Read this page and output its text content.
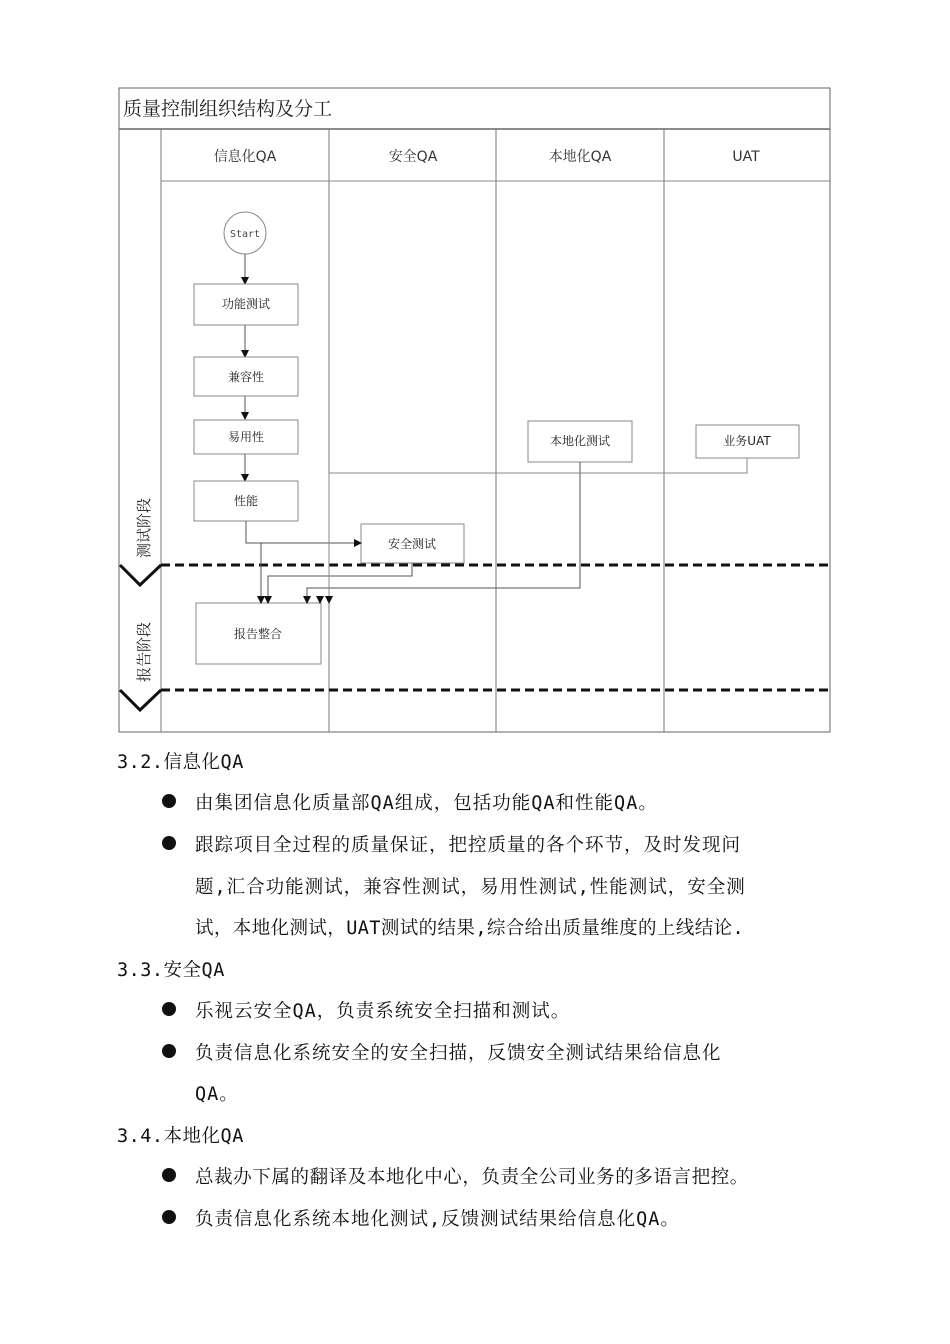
质量控制组织结构及分工
信息化QA	安全QA	本地化QA	UAT
测试阶段
报告阶段
Start
功能测试
兼容性
易用性
性能
安全测试
本地化测试	业务UAT
报告整合
3.2.信息化QA
由集团信息化质量部QA组成，包括功能QA和性能QA。
跟踪项目全过程的质量保证，把控质量的各个环节，及时发现问
题,汇合功能测试，兼容性测试，易用性测试,性能测试，安全测
试，本地化测试，UAT测试的结果,综合给出质量维度的上线结论.
3.3.安全QA
乐视云安全QA，负责系统安全扫描和测试。
负责信息化系统安全的安全扫描，反馈安全测试结果给信息化
QA。
3.4.本地化QA
总裁办下属的翻译及本地化中心，负责全公司业务的多语言把控。
负责信息化系统本地化测试,反馈测试结果给信息化QA。
